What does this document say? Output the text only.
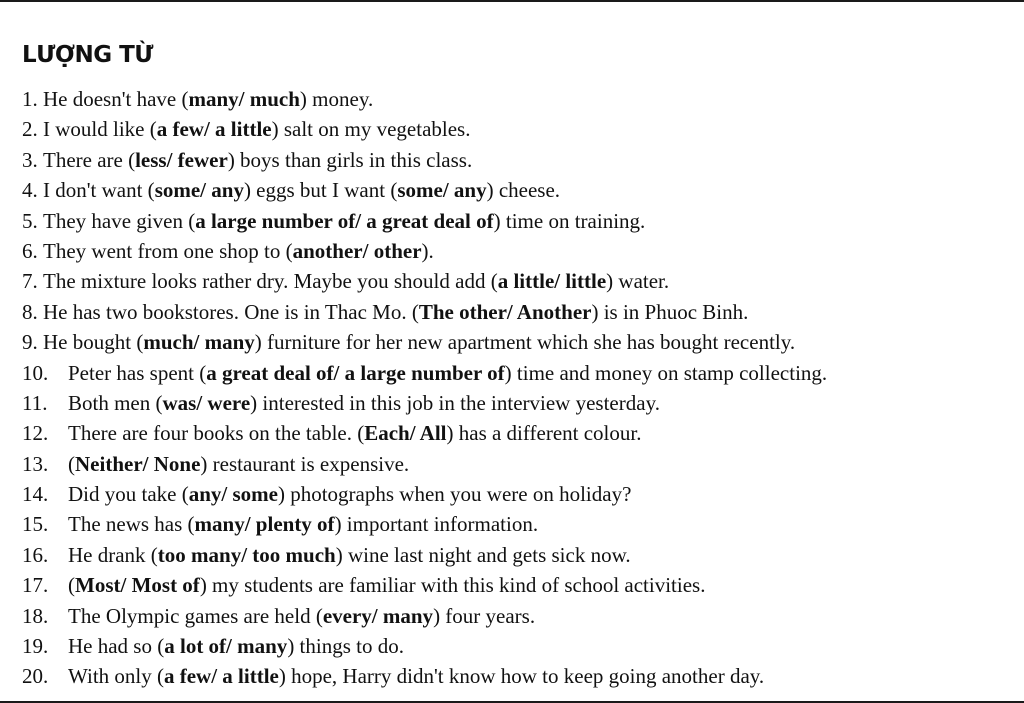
LƯỢNG TỪ
1. He doesn't have (many/ much) money.
2. I would like (a few/ a little) salt on my vegetables.
3. There are (less/ fewer) boys than girls in this class.
4. I don't want (some/ any) eggs but I want (some/ any) cheese.
5. They have given (a large number of/ a great deal of) time on training.
6. They went from one shop to (another/ other).
7. The mixture looks rather dry. Maybe you should add (a little/ little) water.
8. He has two bookstores. One is in Thac Mo. (The other/ Another) is in Phuoc Binh.
9. He bought (much/ many) furniture for her new apartment which she has bought recently.
10. Peter has spent (a great deal of/ a large number of) time and money on stamp collecting.
11. Both men (was/ were) interested in this job in the interview yesterday.
12. There are four books on the table. (Each/ All) has a different colour.
13. (Neither/ None) restaurant is expensive.
14. Did you take (any/ some) photographs when you were on holiday?
15. The news has (many/ plenty of) important information.
16. He drank (too many/ too much) wine last night and gets sick now.
17. (Most/ Most of) my students are familiar with this kind of school activities.
18. The Olympic games are held (every/ many) four years.
19. He had so (a lot of/ many) things to do.
20. With only (a few/ a little) hope, Harry didn't know how to keep going another day.
